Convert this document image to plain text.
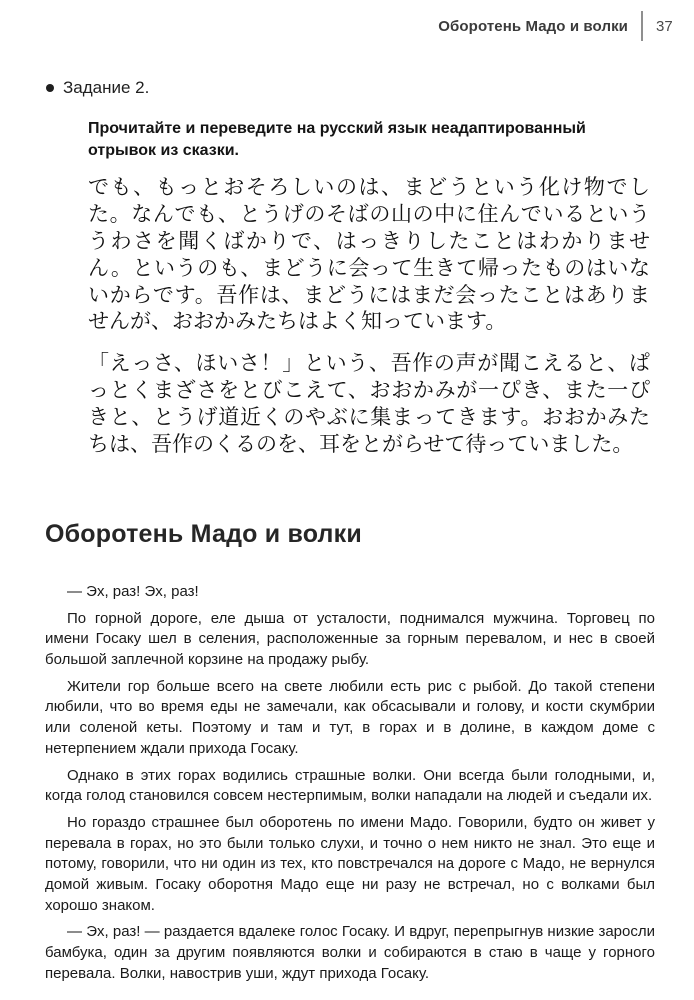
Оборотень Мадо и волки 37
Задание 2.

Прочитайте и переведите на русский язык неадаптированный отрывок из сказки.

でも、もっとおそろしいのは、まどうという化け物でした。なんでも、とうげのそばの山の中に住んでいるといううわさを聞くばかりで、はっきりしたことはわかりません。というのも、まどうに会って生きて帰ったものはいないからです。吾作は、まどうにはまだ会ったことはありませんが、おおかみたちはよく知っています。

「えっさ、ほいさ！」という、吾作の声が聞こえると、ぱっとくまざさをとびこえて、おおかみが一ぴき、また一ぴきと、とうげ道近くのやぶに集まってきます。おおかみたちは、吾作のくるのを、耳をとがらせて待っていました。

Оборотень Мадо и волки

— Эх, раз! Эх, раз!

По горной дороге, еле дыша от усталости, поднимался мужчина. Торговец по имени Госаку шел в селения, расположенные за горным перевалом, и нес в своей большой заплечной корзине на продажу рыбу.

Жители гор больше всего на свете любили есть рис с рыбой. До такой степени любили, что во время еды не замечали, как обсасывали и голову, и кости скумбрии или соленой кеты. Поэтому и там и тут, в горах и в долине, в каждом доме с нетерпением ждали прихода Госаку.

Однако в этих горах водились страшные волки. Они всегда были голодными, и, когда голод становился совсем нестерпимым, волки нападали на людей и съедали их.

Но гораздо страшнее был оборотень по имени Мадо. Говорили, будто он живет у перевала в горах, но это были только слухи, и точно о нем никто не знал. Это еще и потому, говорили, что ни один из тех, кто повстречался на дороге с Мадо, не вернулся домой живым. Госаку оборотня Мадо еще ни разу не встречал, но с волками был хорошо знаком.

— Эх, раз! — раздается вдалеке голос Госаку. И вдруг, перепрыгнув низкие заросли бамбука, один за другим появляются волки и собираются в стаю в чаще у горного перевала. Волки, навострив уши, ждут прихода Госаку.
